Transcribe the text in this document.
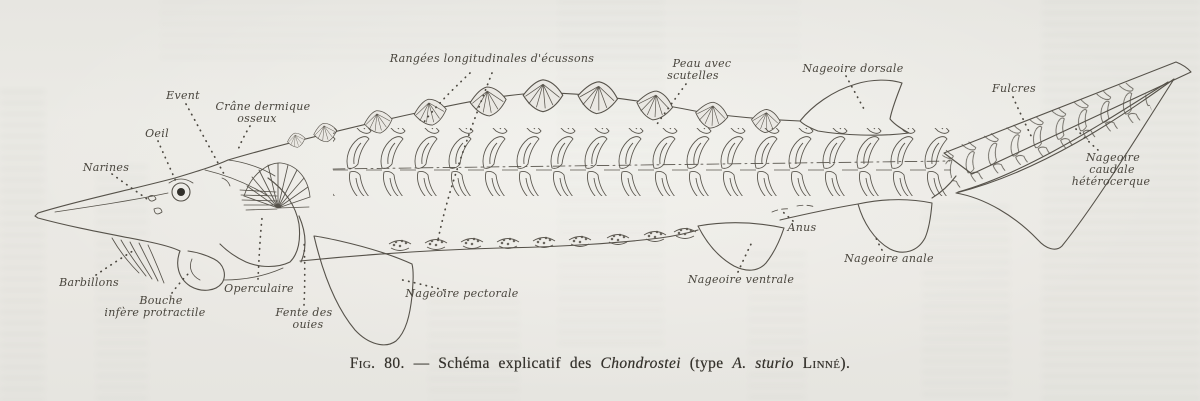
Rangées longitudinales d'écussons
Event
Crâne dermique
osseux
Oeil
Narines
Barbillons
Bouche
infère protractile
Operculaire
Fente des
ouies
Nageoire pectorale
Peau avec
scutelles
Nageoire dorsale
Fulcres
Nageoire
caudale
hétérocerque
Anus
Nageoire ventrale
Nageoire anale
Fig. 80. — Schéma explicatif des Chondrostei (type A. sturio Linné).
